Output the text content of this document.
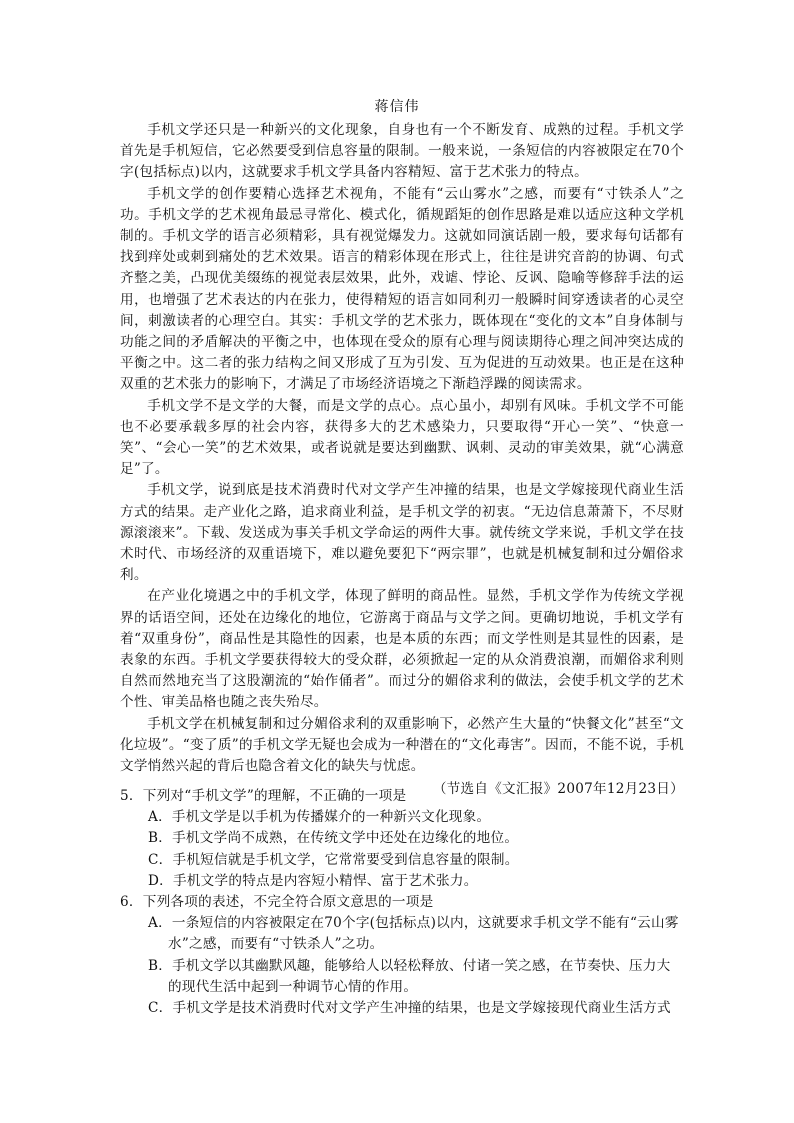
蒋信伟

手机文学还只是一种新兴的文化现象，自身也有一个不断发育、成熟的过程。手机文学首先是手机短信，它必然要受到信息容量的限制。一般来说，一条短信的内容被限定在70个字(包括标点)以内，这就要求手机文学具备内容精短、富于艺术张力的特点。

手机文学的创作要精心选择艺术视角，不能有“云山雾水”之感，而要有“寸铁杀人”之功。手机文学的艺术视角最忌寻常化、模式化，循规蹈矩的创作思路是难以适应这种文学机制的。手机文学的语言必须精彩，具有视觉爆发力。这就如同演话剧一般，要求每句话都有找到痒处或刺到痛处的艺术效果。语言的精彩体现在形式上，往往是讲究音韵的协调、句式齐整之美，凸现优美缀练的视觉表层效果，此外，戏谑、悖论、反讽、隐喻等修辞手法的运用，也增强了艺术表达的内在张力，使得精短的语言如同利刃一般瞬时间穿透读者的心灵空间，刺激读者的心理空白。其实：手机文学的艺术张力，既体现在“变化的文本”自身体制与功能之间的矛盾解决的平衡之中，也体现在受众的原有心理与阅读期待心理之间冲突达成的平衡之中。这二者的张力结构之间又形成了互为引发、互为促进的互动效果。也正是在这种双重的艺术张力的影响下，才满足了市场经济语境之下渐趋浮躁的阅读需求。

手机文学不是文学的大餐，而是文学的点心。点心虽小，却别有风味。手机文学不可能也不必要承载多厚的社会内容，获得多大的艺术感染力，只要取得“开心一笑”、“快意一笑”、“会心一笑”的艺术效果，或者说就是要达到幽默、讽刺、灵动的审美效果，就“心满意足”了。

手机文学，说到底是技术消费时代对文学产生冲撞的结果，也是文学嫁接现代商业生活方式的结果。走产业化之路，追求商业利益，是手机文学的初衷。“无边信息萧萧下，不尽财源滚滚来”。下载、发送成为事关手机文学命运的两件大事。就传统文学来说，手机文学在技术时代、市场经济的双重语境下，难以避免要犯下“两宗罪”，也就是机械复制和过分媚俗求利。

在产业化境遇之中的手机文学，体现了鲜明的商品性。显然，手机文学作为传统文学视界的话语空间，还处在边缘化的地位，它游离于商品与文学之间。更确切地说，手机文学有着“双重身份”，商品性是其隐性的因素，也是本质的东西；而文学性则是其显性的因素，是表象的东西。手机文学要获得较大的受众群，必须掀起一定的从众消费浪潮，而媚俗求利则自然而然地充当了这股潮流的“始作俑者”。而过分的媚俗求利的做法，会使手机文学的艺术个性、审美品格也随之丧失殆尽。

手机文学在机械复制和过分媚俗求利的双重影响下，必然产生大量的“快餐文化”甚至“文化垃圾”。“变了质”的手机文学无疑也会成为一种潜在的“文化毒害”。因而，不能不说，手机文学悄然兴起的背后也隐含着文化的缺失与忧虑。

（节选自《文汇报》2007年12月23日）

5．下列对“手机文学”的理解，不正确的一项是

A．手机文学是以手机为传播媒介的一种新兴文化现象。

B．手机文学尚不成熟，在传统文学中还处在边缘化的地位。

C．手机短信就是手机文学，它常常要受到信息容量的限制。

D．手机文学的特点是内容短小精悍、富于艺术张力。

6．下列各项的表述，不完全符合原文意思的一项是

A．一条短信的内容被限定在70个字(包括标点)以内，这就要求手机文学不能有“云山雾水”之感，而要有“寸铁杀人”之功。

B．手机文学以其幽默风趣，能够给人以轻松释放、付诸一笑之感，在节奏快、压力大的现代生活中起到一种调节心情的作用。

C．手机文学是技术消费时代对文学产生冲撞的结果，也是文学嫁接现代商业生活方式
